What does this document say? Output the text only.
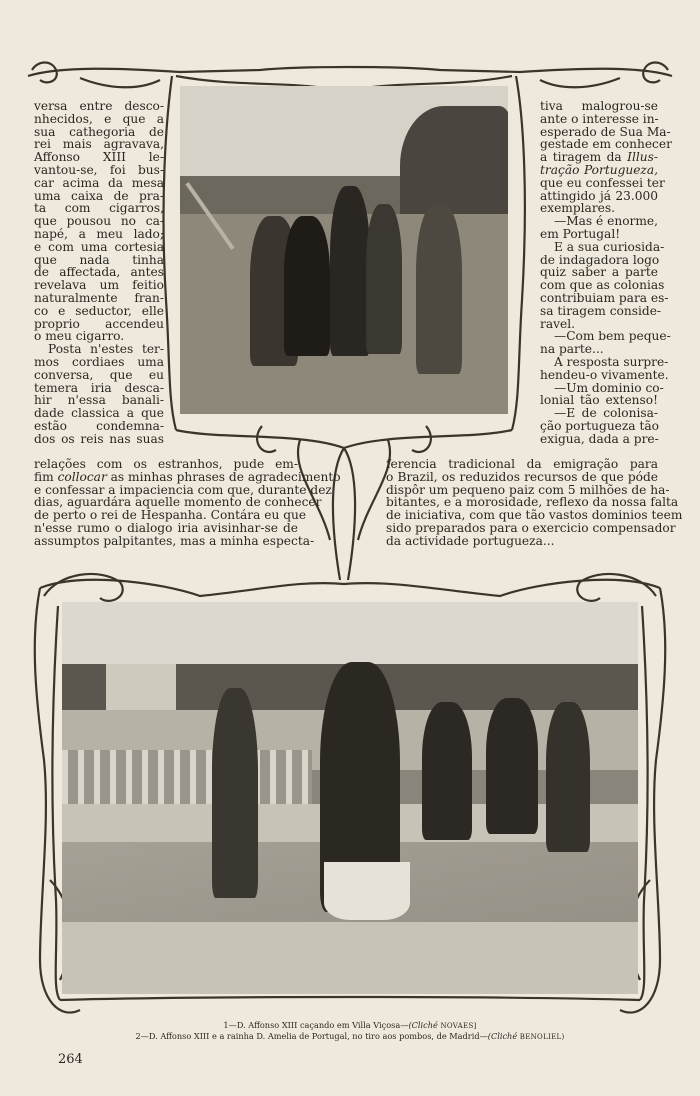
versa entre desco-
nhecidos, e que a
sua cathegoria de
rei mais agravava,
Affonso XIII le-
vantou-se, foi bus-
car acima da mesa
uma caixa de pra-
ta com cigarros,
que pousou no ca-
napé, a meu lado;
e com uma cortesia
que nada tinha
de affectada, antes
revelava um feitio
naturalmente fran-
co e seductor, elle
proprio accendeu
o meu cigarro.
Posta n'estes ter-
mos cordiaes uma
conversa, que eu
temera iria desca-
hir n'essa banali-
dade classica a que
estão condemna-
dos os reis nas suas
relações com os estranhos, pude em-
fim collocar as minhas phrases de agradecimento
e confessar a impaciencia com que, durante dez
dias, aguardára aquelle momento de conhecer
de perto o rei de Hespanha. Contára eu que
n'esse rumo o dialogo iria avisinhar-se de
assumptos palpitantes, mas a minha especta-
tiva malogrou-se
ante o interesse in-
esperado de Sua Ma-
gestade em conhecer
a tiragem da Illus-
tração Portugueza,
que eu confessei ter
attingido já 23.000
exemplares.
—Mas é enorme,
em Portugal!
E a sua curiosida-
de indagadora logo
quiz saber a parte
com que as colonias
contribuiam para es-
sa tiragem conside-
ravel.
—Com bem peque-
na parte...
A resposta surpre-
hendeu-o vivamente.
—Um dominio co-
lonial tão extenso!
—E de colonisa-
ção portugueza tão
exigua, dada a pre-
ferencia tradicional da emigração para
o Brazil, os reduzidos recursos de que póde
dispôr um pequeno paiz com 5 milhões de ha-
bitantes, e a morosidade, reflexo da nossa falta
de iniciativa, com que tão vastos dominios teem
sido preparados para o exercicio compensador
da actividade portugueza...
1—D. Affonso XIII caçando em Villa Viçosa—(Cliché NOVAES]
2—D. Affonso XIII e a rainha D. Amelia de Portugal, no tiro aos pombos, de Madrid—(Cliché BENOLIEL)
264
